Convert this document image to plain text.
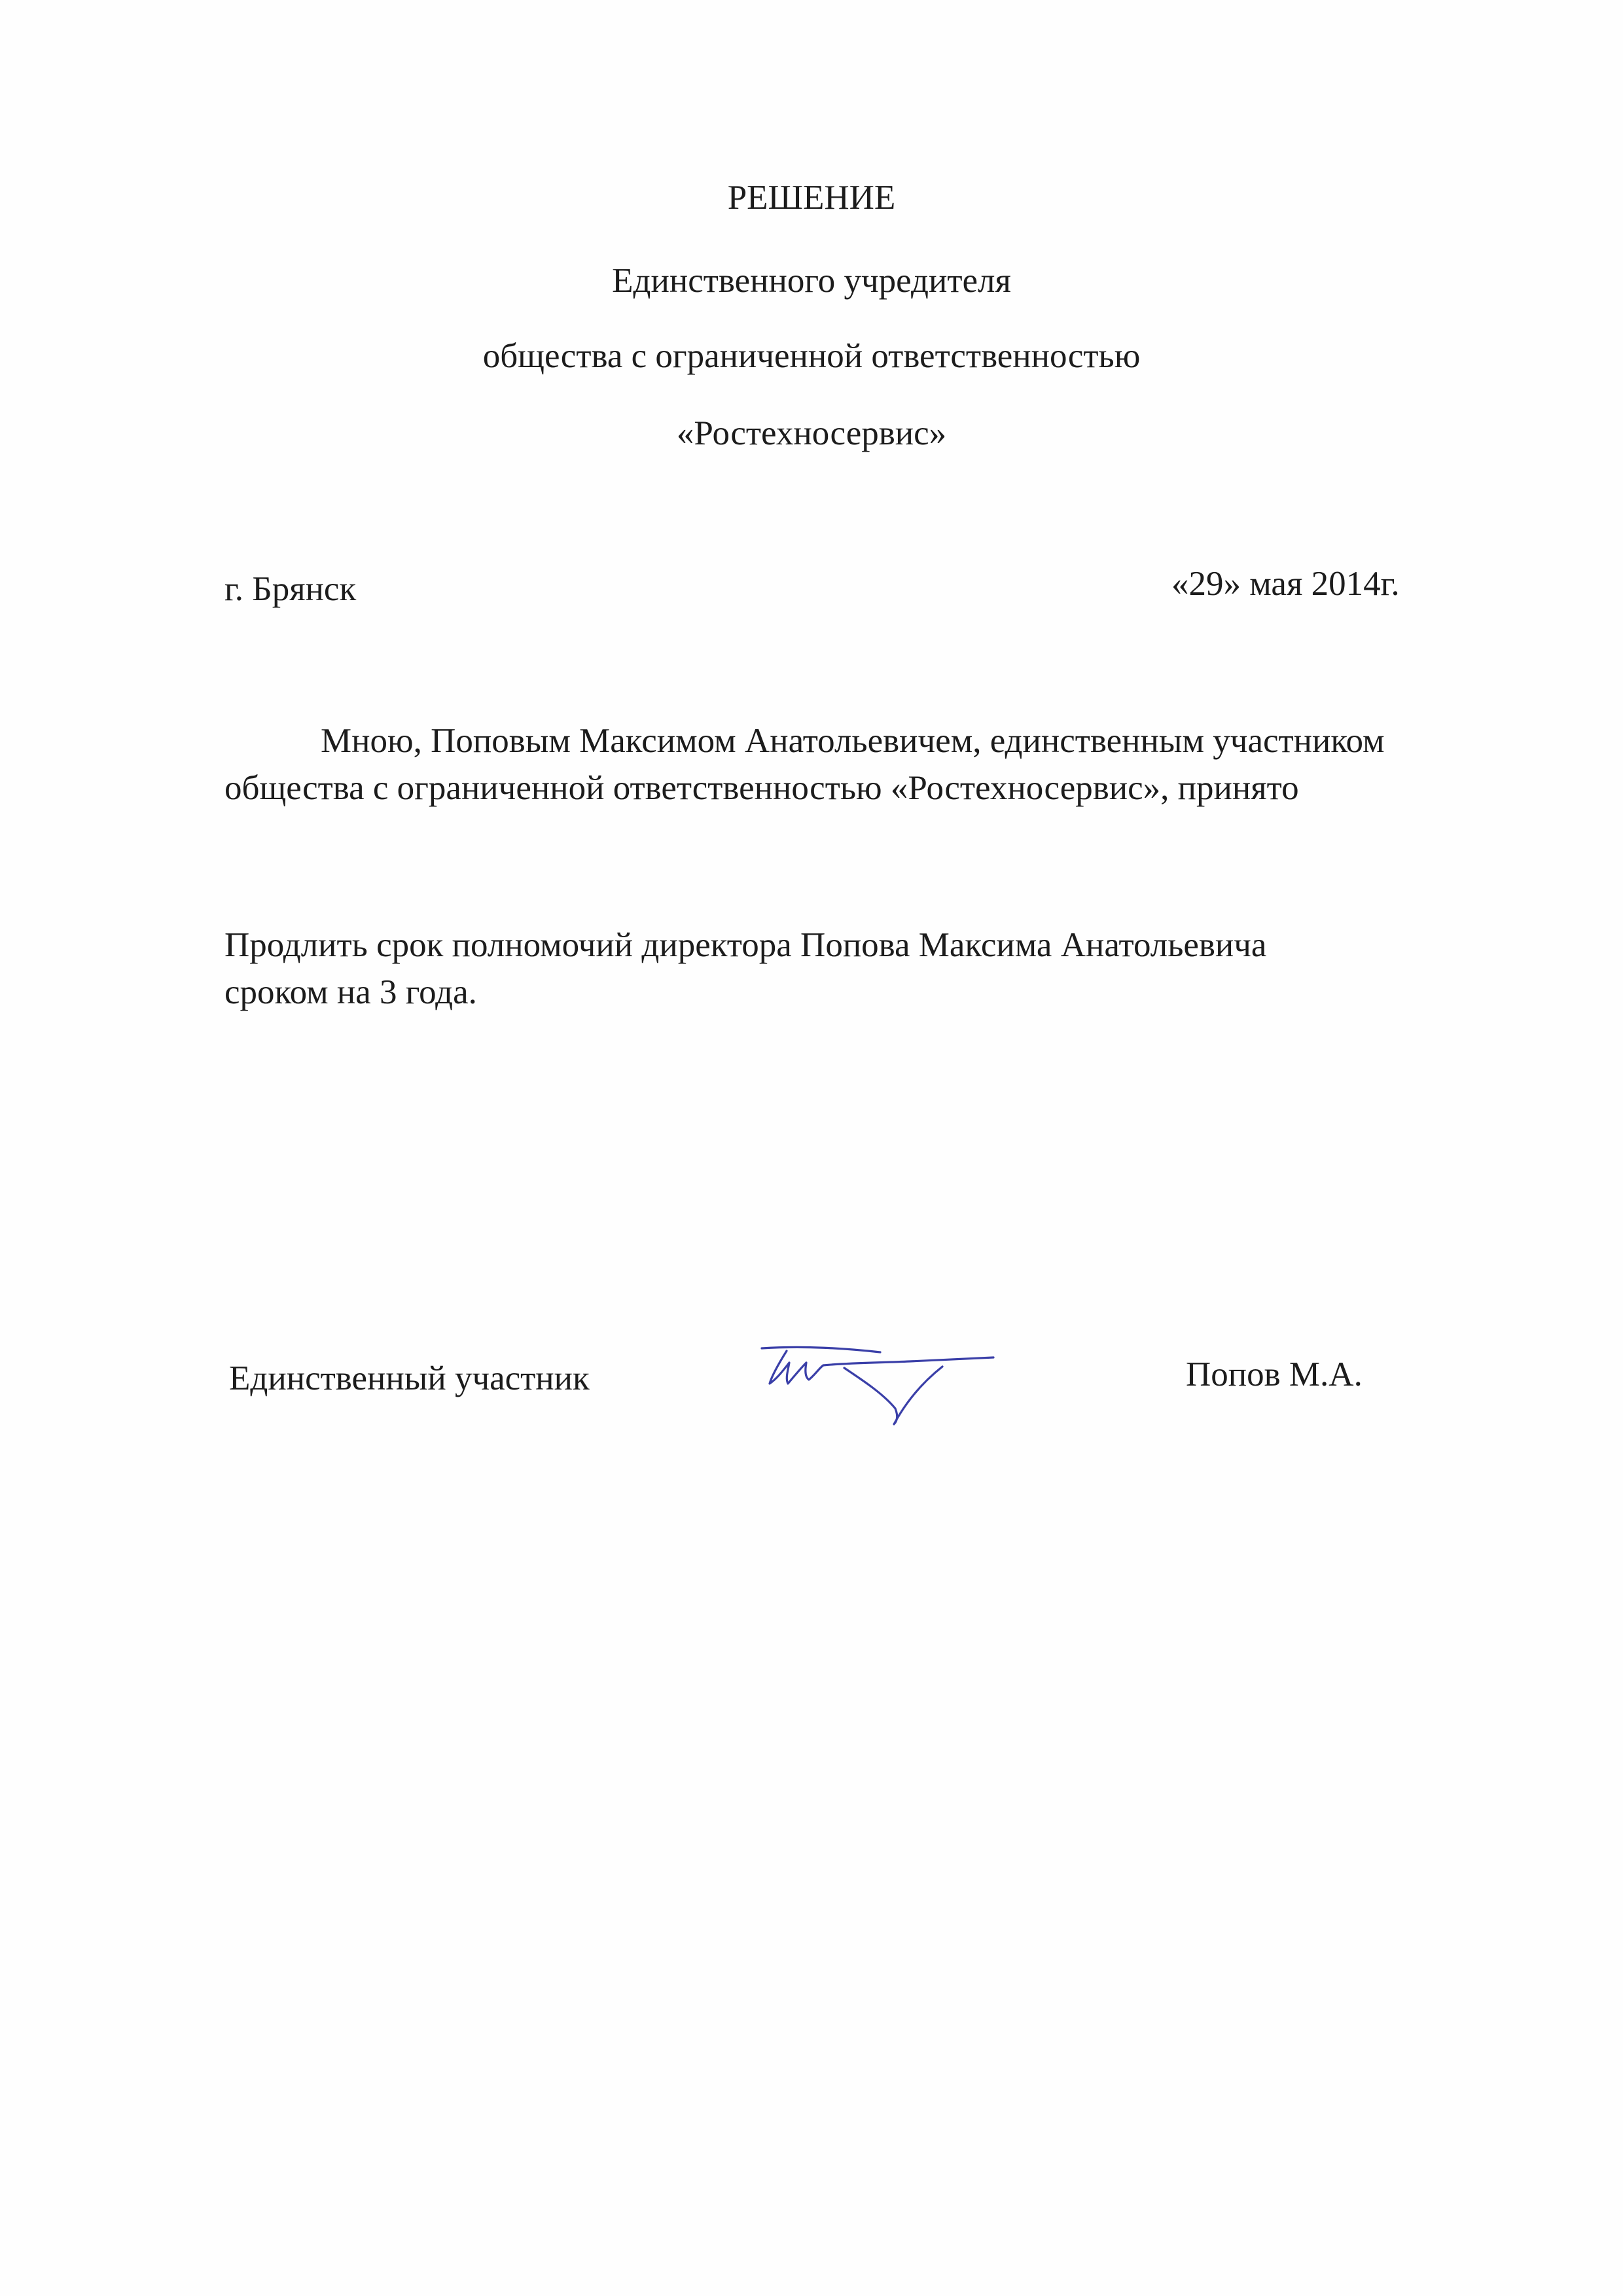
РЕШЕНИЕ
Единственного учредителя
общества с ограниченной ответственностью
«Ростехносервис»
г. Брянск	«29» мая 2014г.
Мною, Поповым Максимом Анатольевичем, единственным участником
общества с ограниченной ответственностью «Ростехносервис», принято
Продлить срок полномочий директора Попова Максима Анатольевича
сроком на 3 года.
Единственный участник	Попов М.А.
